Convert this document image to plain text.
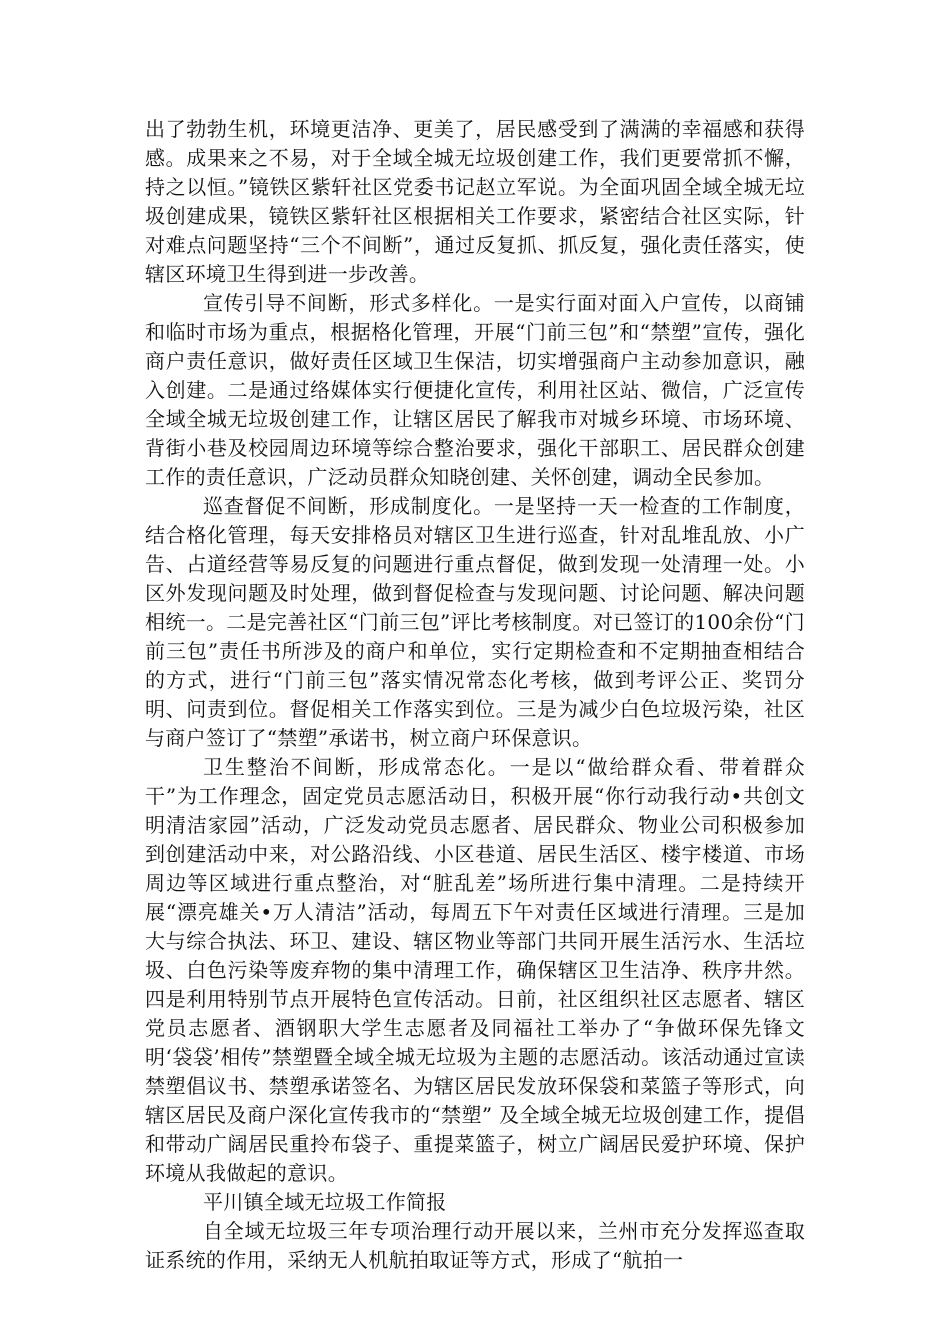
出了勃勃生机，环境更洁净、更美了，居民感受到了满满的幸福感和获得感。成果来之不易，对于全域全城无垃圾创建工作，我们更要常抓不懈，持之以恒。”镜铁区紫轩社区党委书记赵立军说。为全面巩固全域全城无垃圾创建成果，镜铁区紫轩社区根据相关工作要求，紧密结合社区实际，针对难点问题坚持“三个不间断”，通过反复抓、抓反复，强化责任落实，使辖区环境卫生得到进一步改善。

宣传引导不间断，形式多样化。一是实行面对面入户宣传，以商铺和临时市场为重点，根据格化管理，开展“门前三包”和“禁塑”宣传，强化商户责任意识，做好责任区域卫生保洁，切实增强商户主动参加意识，融入创建。二是通过络媒体实行便捷化宣传，利用社区站、微信，广泛宣传全域全城无垃圾创建工作，让辖区居民了解我市对城乡环境、市场环境、背街小巷及校园周边环境等综合整治要求，强化干部职工、居民群众创建工作的责任意识，广泛动员群众知晓创建、关怀创建，调动全民参加。

巡查督促不间断，形成制度化。一是坚持一天一检查的工作制度，结合格化管理，每天安排格员对辖区卫生进行巡查，针对乱堆乱放、小广告、占道经营等易反复的问题进行重点督促，做到发现一处清理一处。小区外发现问题及时处理，做到督促检查与发现问题、讨论问题、解决问题相统一。二是完善社区“门前三包”评比考核制度。对已签订的100余份“门前三包”责任书所涉及的商户和单位，实行定期检查和不定期抽查相结合的方式，进行“门前三包”落实情况常态化考核，做到考评公正、奖罚分明、问责到位。督促相关工作落实到位。三是为减少白色垃圾污染，社区与商户签订了“禁塑”承诺书，树立商户环保意识。

卫生整治不间断，形成常态化。一是以“做给群众看、带着群众干”为工作理念，固定党员志愿活动日，积极开展“你行动我行动•共创文明清洁家园”活动，广泛发动党员志愿者、居民群众、物业公司积极参加到创建活动中来，对公路沿线、小区巷道、居民生活区、楼宇楼道、市场周边等区域进行重点整治，对“脏乱差”场所进行集中清理。二是持续开展“漂亮雄关•万人清洁”活动，每周五下午对责任区域进行清理。三是加大与综合执法、环卫、建设、辖区物业等部门共同开展生活污水、生活垃圾、白色污染等废弃物的集中清理工作，确保辖区卫生洁净、秩序井然。四是利用特别节点开展特色宣传活动。日前，社区组织社区志愿者、辖区党员志愿者、酒钢职大学生志愿者及同福社工举办了“争做环保先锋文明‘袋袋’相传”禁塑暨全域全城无垃圾为主题的志愿活动。该活动通过宣读禁塑倡议书、禁塑承诺签名、为辖区居民发放环保袋和菜篮子等形式，向辖区居民及商户深化宣传我市的“禁塑” 及全域全城无垃圾创建工作，提倡和带动广阔居民重拎布袋子、重提菜篮子，树立广阔居民爱护环境、保护环境从我做起的意识。

平川镇全域无垃圾工作简报

自全域无垃圾三年专项治理行动开展以来，兰州市充分发挥巡查取证系统的作用，采纳无人机航拍取证等方式，形成了“航拍一
